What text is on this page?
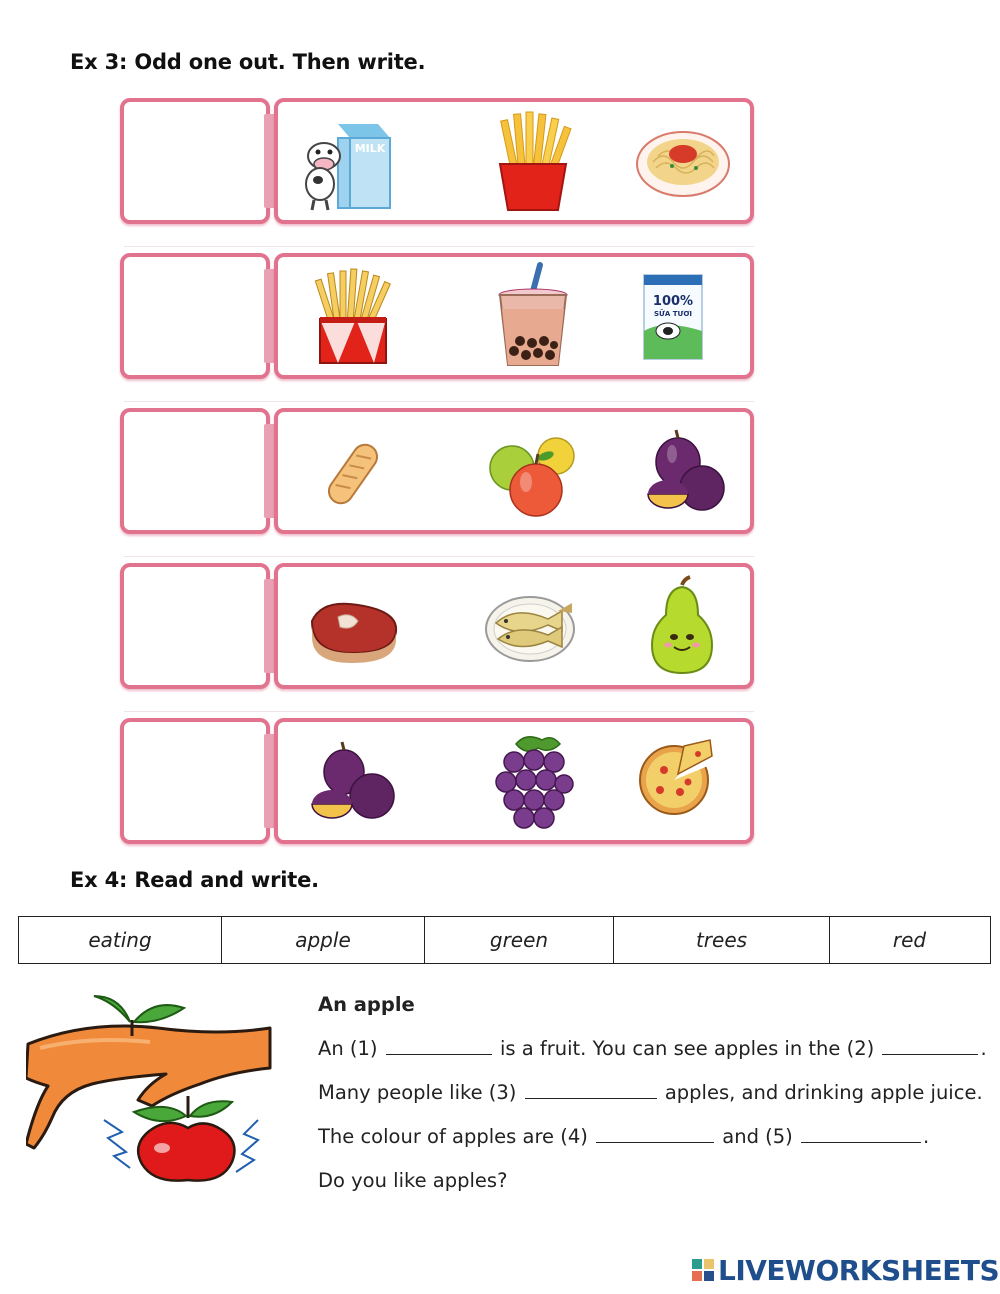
Ex 3: Odd one out. Then write.
MILK
100%
SỮA TƯƠI
Ex 4: Read and write.
eating	apple	green	trees	red
An apple
An (1)	is a fruit. You can see apples in the (2)	.
Many people like (3)	apples, and drinking apple juice.
The colour of apples are (4)	and (5)	.
Do you like apples?
LIVEWORKSHEETS
